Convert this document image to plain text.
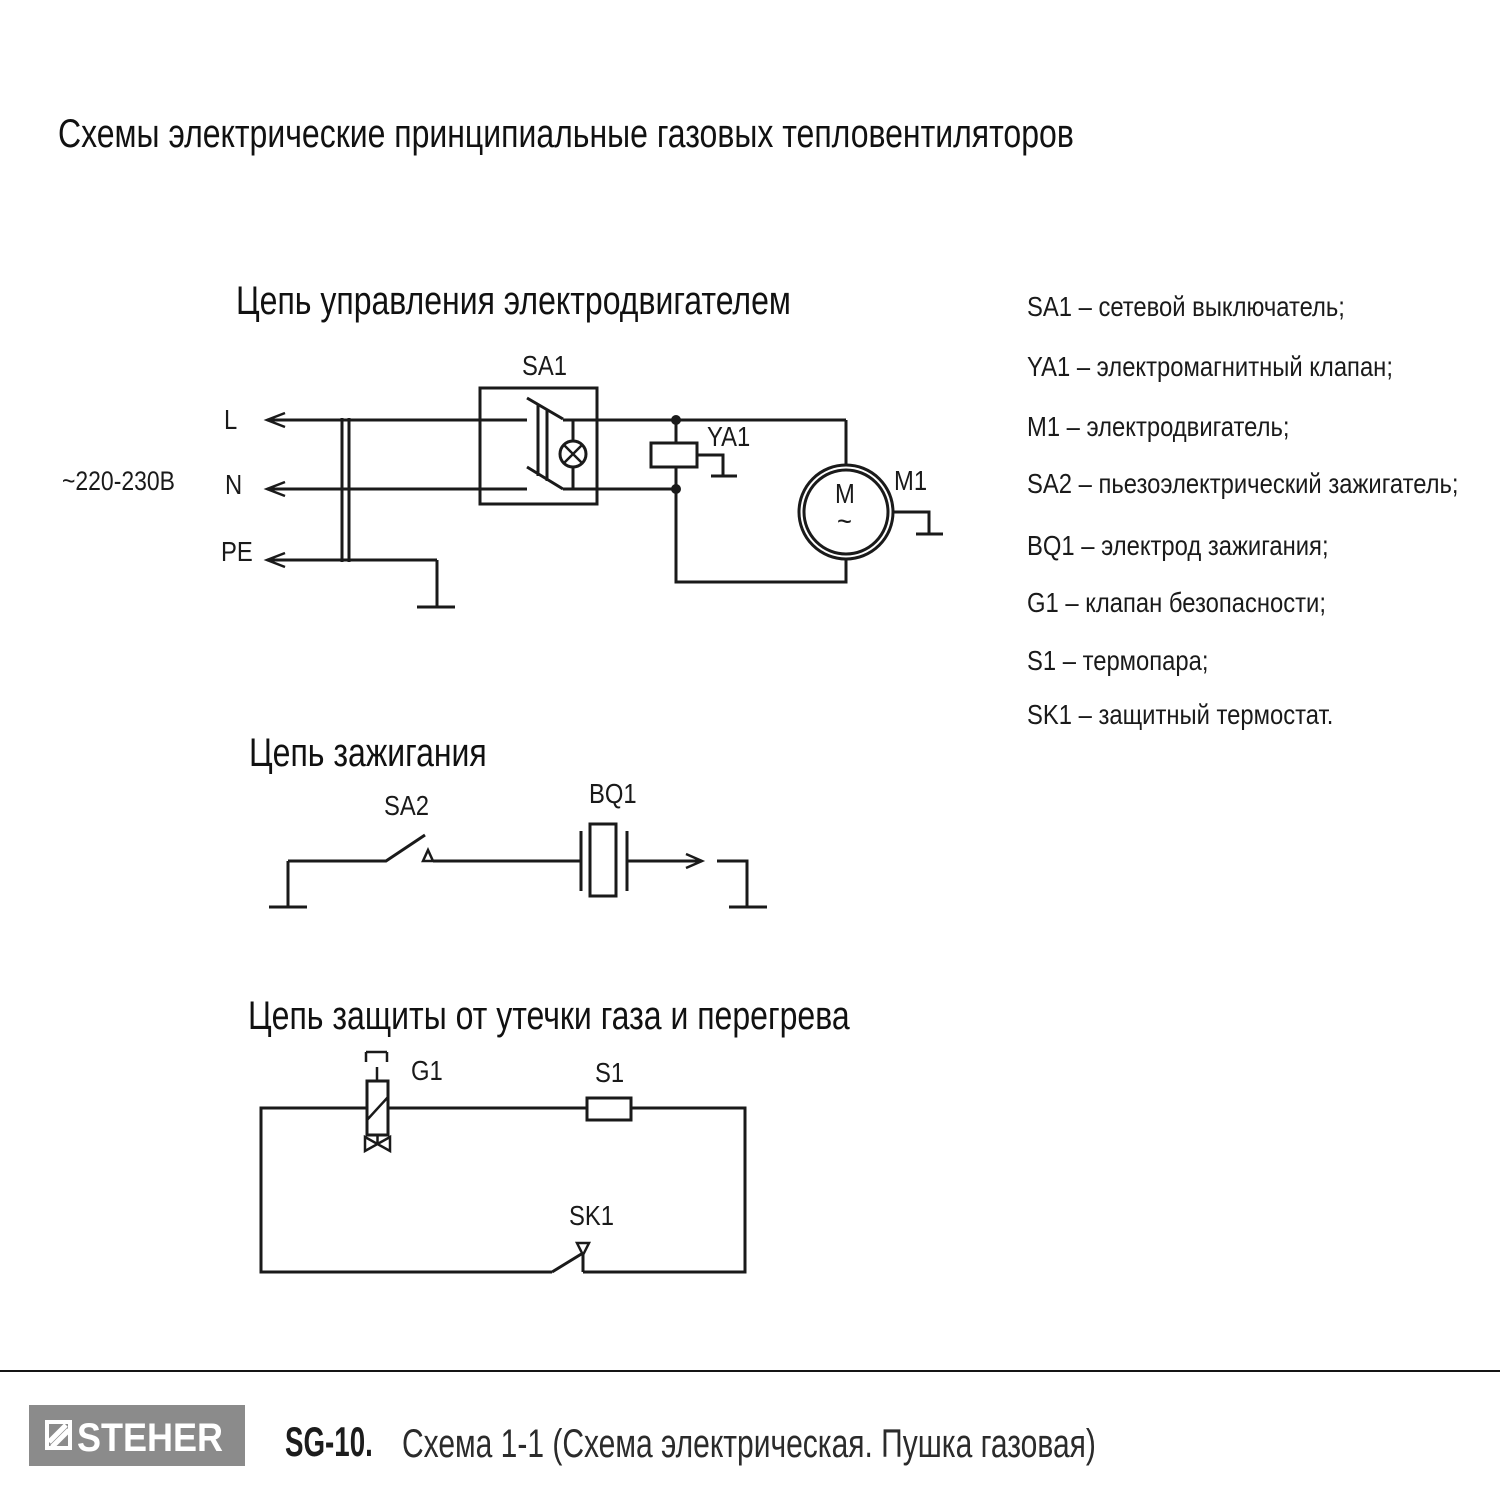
Схемы электрические принципиальные газовых тепловентиляторов
Цепь управления электродвигателем
~220-230В
L
N
PE
SA1
YA1
M1
M
~
Цепь зажигания
SA2	BQ1
Цепь защиты от утечки газа и перегрева
G1	S1
SK1
SA1 – сетевой выключатель;
YA1 – электромагнитный клапан;
M1 – электродвигатель;
SA2 – пьезоэлектрический зажигатель;
BQ1 – электрод зажигания;
G1 – клапан безопасности;
S1 – термопара;
SK1 – защитный термостат.
STEHER SG-10. Схема 1-1 (Схема электрическая. Пушка газовая)
